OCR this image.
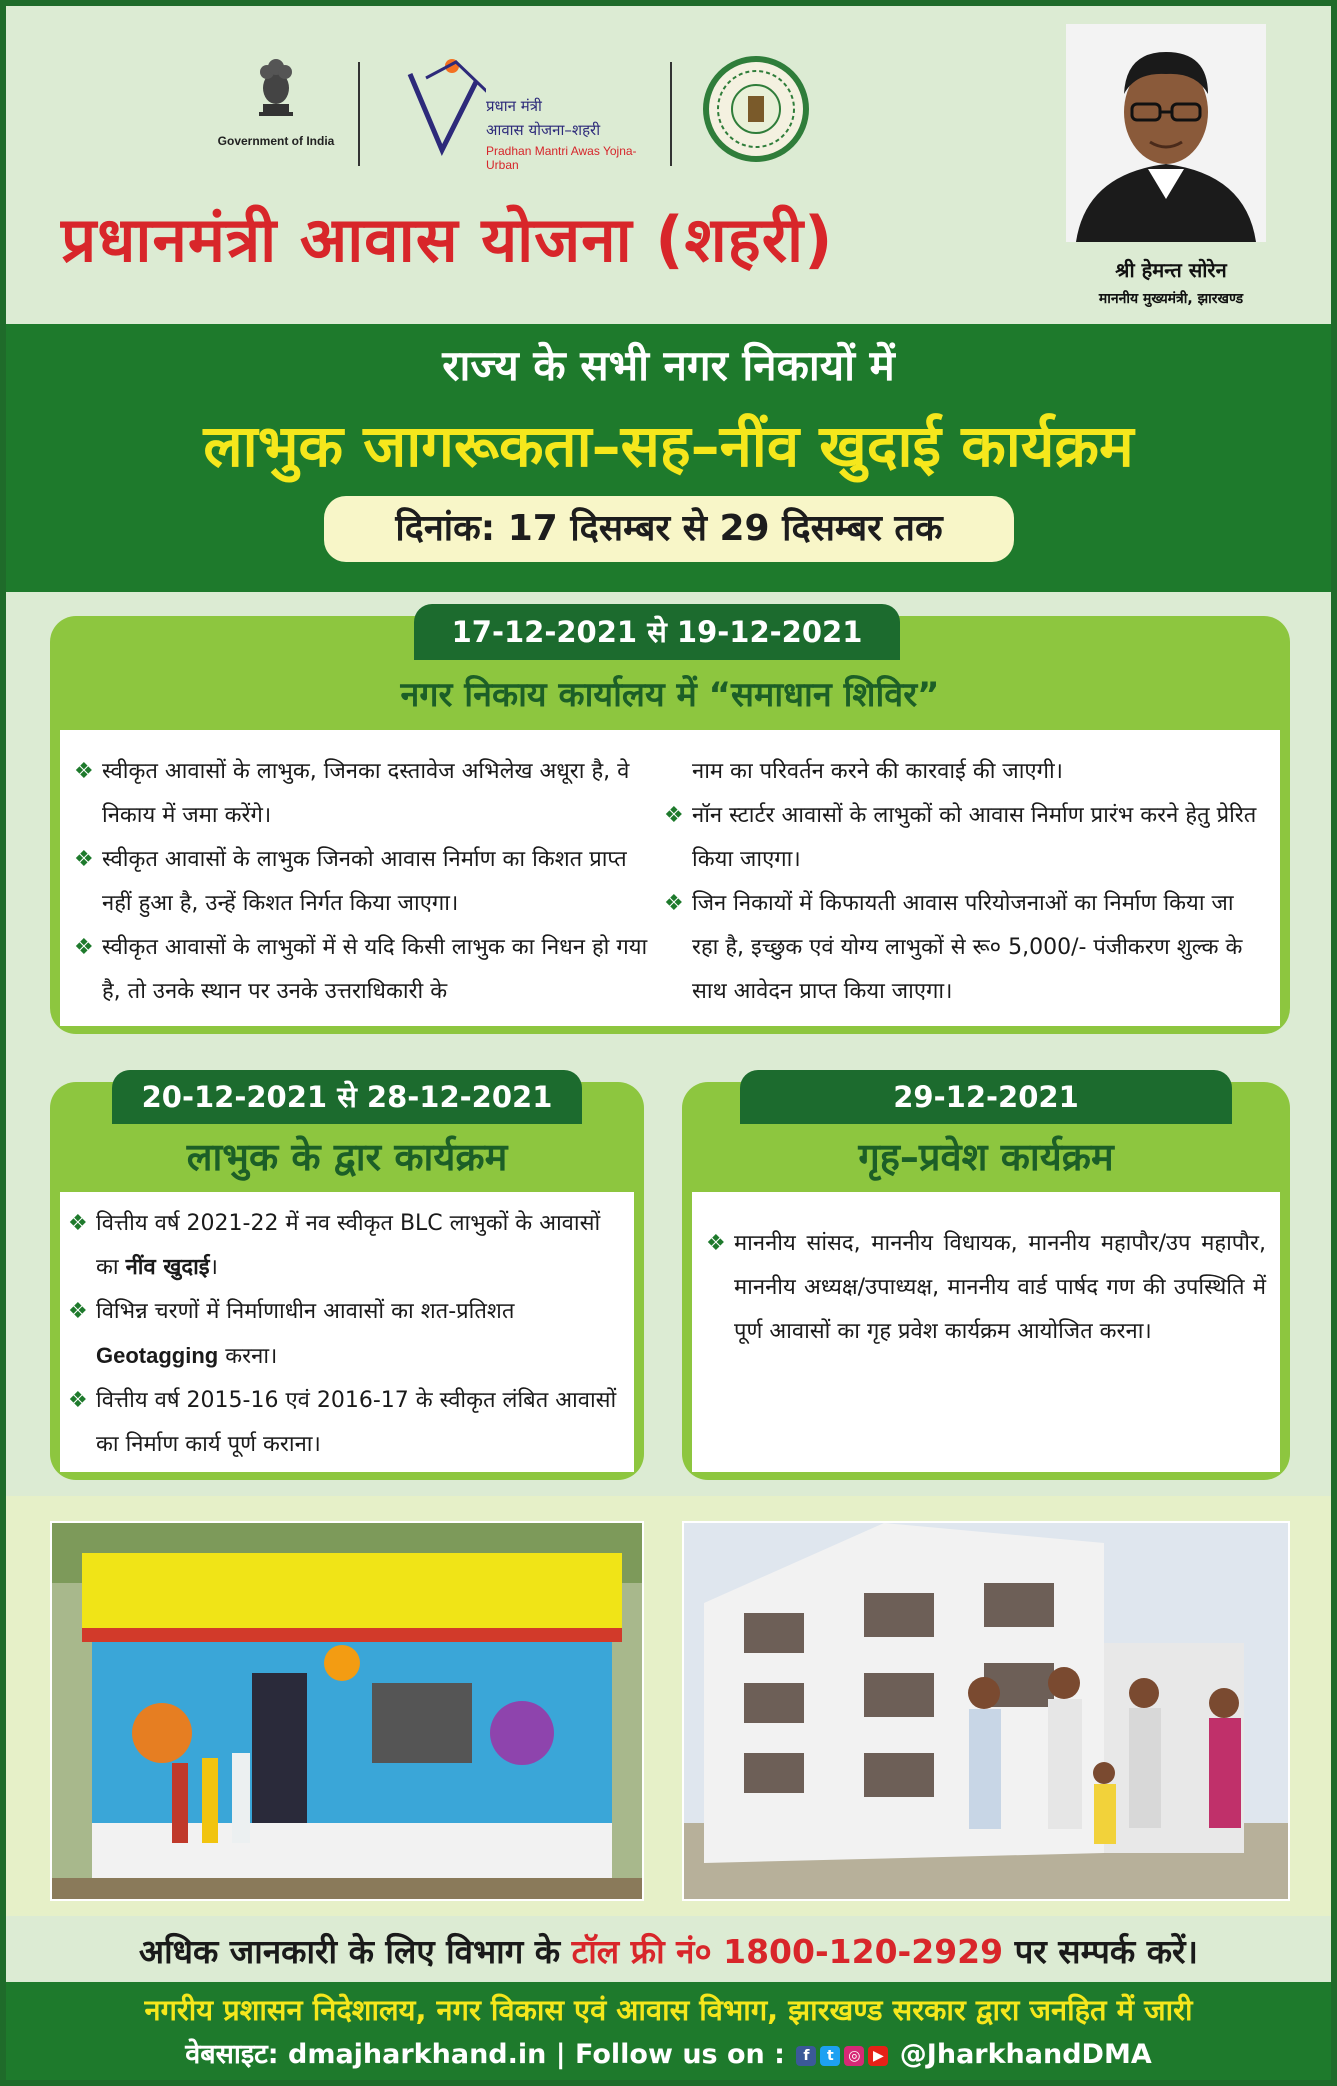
Government of India
प्रधान मंत्री
आवास योजना–शहरी
Pradhan Mantri Awas Yojna-Urban
प्रधानमंत्री आवास योजना (शहरी)	श्री हेमन्त सोरेन
माननीय मुख्यमंत्री, झारखण्ड
राज्य के सभी नगर निकायों में
लाभुक जागरूकता–सह–नींव खुदाई कार्यक्रम
दिनांक: 17 दिसम्बर से 29 दिसम्बर तक
17-12-2021 से 19-12-2021
नगर निकाय कार्यालय में “समाधान शिविर”
❖ स्वीकृत आवासों के लाभुक, जिनका दस्तावेज अभिलेख अधूरा है, वे निकाय में जमा करेंगे।
❖ स्वीकृत आवासों के लाभुक जिनको आवास निर्माण का किशत प्राप्त नहीं हुआ है, उन्हें किशत निर्गत किया जाएगा।
❖ स्वीकृत आवासों के लाभुकों में से यदि किसी लाभुक का निधन हो गया है, तो उनके स्थान पर उनके उत्तराधिकारी के
नाम का परिवर्तन करने की कारवाई की जाएगी।
❖ नॉन स्टार्टर आवासों के लाभुकों को आवास निर्माण प्रारंभ करने हेतु प्रेरित किया जाएगा।
❖ जिन निकायों में किफायती आवास परियोजनाओं का निर्माण किया जा रहा है, इच्छुक एवं योग्य लाभुकों से रू० 5,000/- पंजीकरण शुल्क के साथ आवेदन प्राप्त किया जाएगा।
20-12-2021 से 28-12-2021
लाभुक के द्वार कार्यक्रम
❖ वित्तीय वर्ष 2021-22 में नव स्वीकृत BLC लाभुकों के आवासों का नींव खुदाई।
❖ विभिन्न चरणों में निर्माणाधीन आवासों का शत-प्रतिशत Geotagging करना।
❖ वित्तीय वर्ष 2015-16 एवं 2016-17 के स्वीकृत लंबित आवासों का निर्माण कार्य पूर्ण कराना।
29-12-2021
गृह–प्रवेश कार्यक्रम
❖ माननीय सांसद, माननीय विधायक, माननीय महापौर/उप महापौर, माननीय अध्यक्ष/उपाध्यक्ष, माननीय वार्ड पार्षद गण की उपस्थिति में पूर्ण आवासों का गृह प्रवेश कार्यक्रम आयोजित करना।
अधिक जानकारी के लिए विभाग के टॉल फ्री नं० 1800-120-2929 पर सम्पर्क करें।
नगरीय प्रशासन निदेशालय, नगर विकास एवं आवास विभाग, झारखण्ड सरकार द्वारा जनहित में जारी
वेबसाइट: dmajharkhand.in | Follow us on : f t ◎ ▶ @JharkhandDMA
